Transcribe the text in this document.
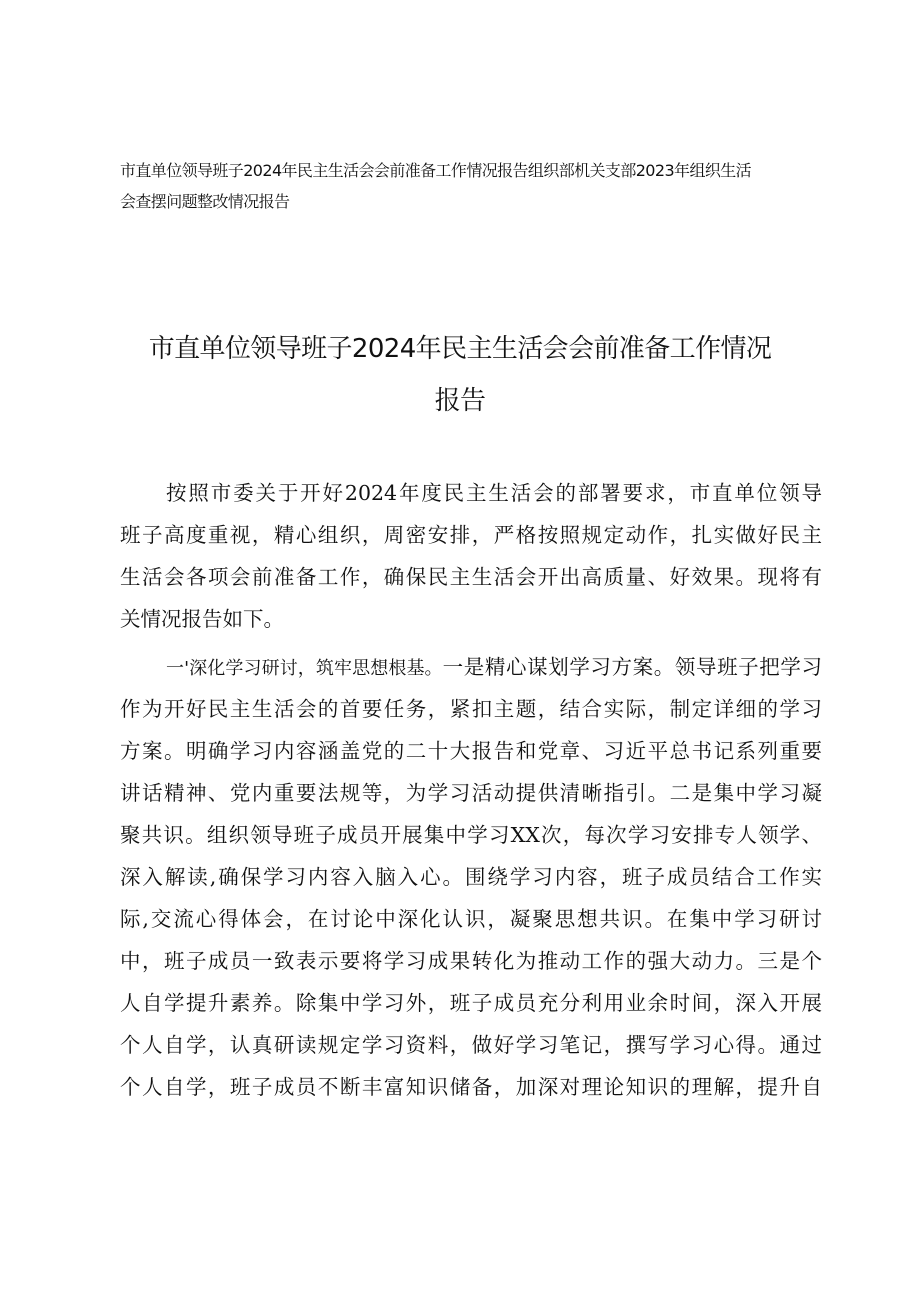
市直单位领导班子2024年民主生活会会前准备工作情况报告组织部机关支部2023年组织生活
会查摆问题整改情况报告
市直单位领导班子2024年民主生活会会前准备工作情况
报告
按照市委关于开好2024年度民主生活会的部署要求，市直单位领导
班子高度重视，精心组织，周密安排，严格按照规定动作，扎实做好民主
生活会各项会前准备工作，确保民主生活会开出高质量、好效果。现将有
关情况报告如下。
一'深化学习研讨，筑牢思想根基。一是精心谋划学习方案。领导班子把学习
作为开好民主生活会的首要任务，紧扣主题，结合实际，制定详细的学习
方案。明确学习内容涵盖党的二十大报告和党章、习近平总书记系列重要
讲话精神、党内重要法规等，为学习活动提供清晰指引。二是集中学习凝
聚共识。组织领导班子成员开展集中学习XX次，每次学习安排专人领学、
深入解读,确保学习内容入脑入心。围绕学习内容，班子成员结合工作实
际,交流心得体会，在讨论中深化认识，凝聚思想共识。在集中学习研讨
中，班子成员一致表示要将学习成果转化为推动工作的强大动力。三是个
人自学提升素养。除集中学习外，班子成员充分利用业余时间，深入开展
个人自学，认真研读规定学习资料，做好学习笔记，撰写学习心得。通过
个人自学，班子成员不断丰富知识储备，加深对理论知识的理解，提升自
